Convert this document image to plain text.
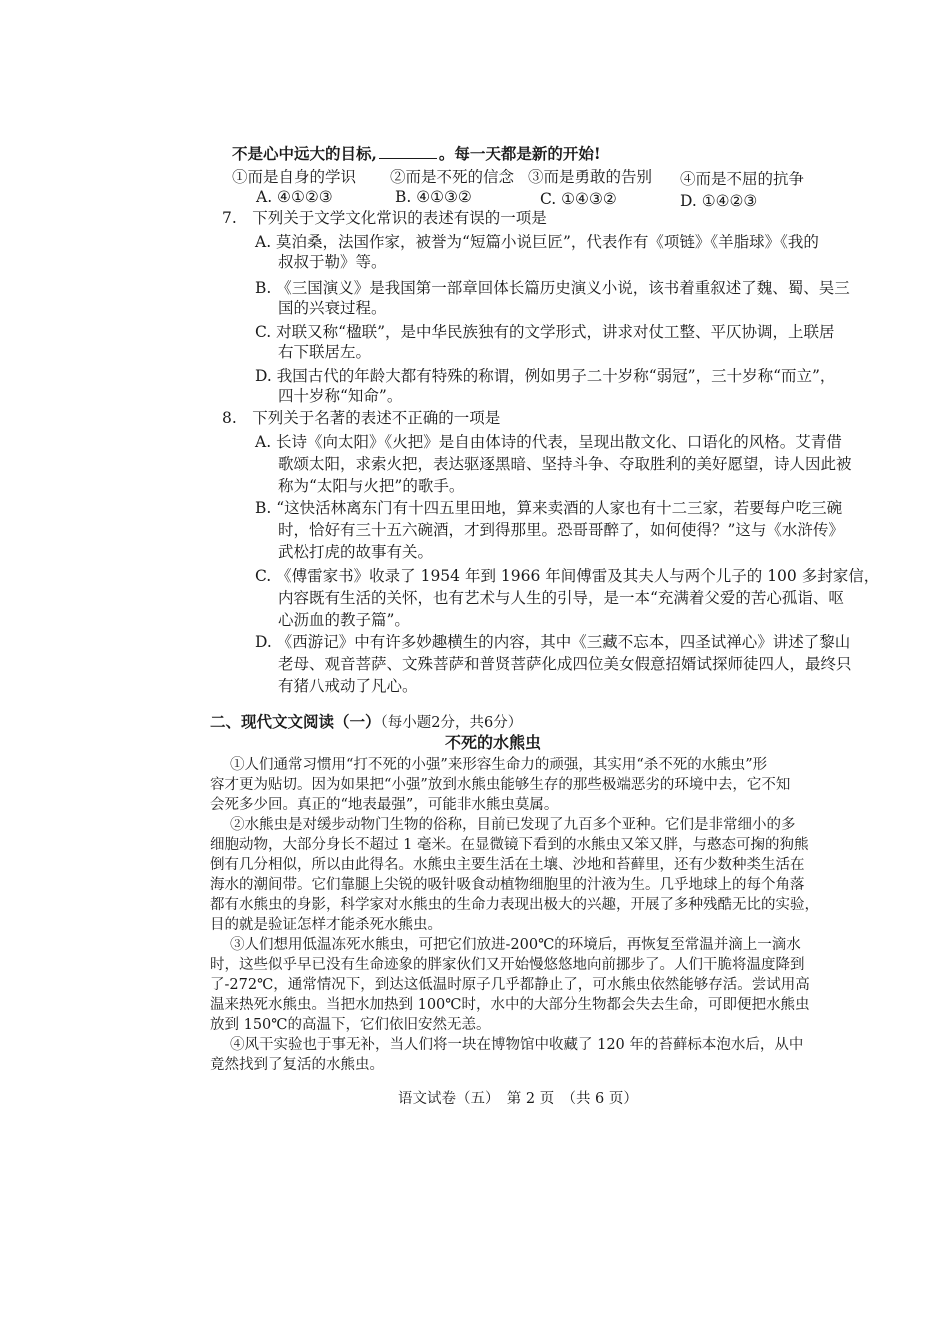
不是心中远大的目标,	。每一天都是新的开始!
①而是自身的学识 ②而是不死的信念 ③而是勇敢的告别 ④而是不屈的抗争
A. ④①②③	B. ④①③②	C. ①④③②	D. ①④②③
7.　下列关于文学文化常识的表述有误的一项是
A. 莫泊桑，法国作家，被誉为“短篇小说巨匠”，代表作有《项链》《羊脂球》《我的
叔叔于勒》等。
B. 《三国演义》是我国第一部章回体长篇历史演义小说，该书着重叙述了魏、蜀、吴三
国的兴衰过程。
C. 对联又称“楹联”，是中华民族独有的文学形式，讲求对仗工整、平仄协调，上联居
右下联居左。
D. 我国古代的年龄大都有特殊的称谓，例如男子二十岁称“弱冠”，三十岁称“而立”，
四十岁称“知命”。
8.　下列关于名著的表述不正确的一项是
A. 长诗《向太阳》《火把》是自由体诗的代表，呈现出散文化、口语化的风格。艾青借
歌颂太阳，求索火把，表达驱逐黑暗、坚持斗争、夺取胜利的美好愿望，诗人因此被
称为“太阳与火把”的歌手。
B. “这快活林离东门有十四五里田地，算来卖酒的人家也有十二三家，若要每户吃三碗
时，恰好有三十五六碗酒，才到得那里。恐哥哥醉了，如何使得？”这与《水浒传》
武松打虎的故事有关。
C. 《傅雷家书》收录了 1954 年到 1966 年间傅雷及其夫人与两个儿子的 100 多封家信，
内容既有生活的关怀，也有艺术与人生的引导，是一本“充满着父爱的苦心孤诣、呕
心沥血的教子篇”。
D. 《西游记》中有许多妙趣横生的内容，其中《三藏不忘本，四圣试禅心》讲述了黎山
老母、观音菩萨、文殊菩萨和普贤菩萨化成四位美女假意招婿试探师徒四人，最终只
有猪八戒动了凡心。
二、现代文文阅读（一）（每小题2分，共6分）
不死的水熊虫
①人们通常习惯用“打不死的小强”来形容生命力的顽强，其实用“杀不死的水熊虫”形
容才更为贴切。因为如果把“小强”放到水熊虫能够生存的那些极端恶劣的环境中去，它不知
会死多少回。真正的“地表最强”，可能非水熊虫莫属。
②水熊虫是对缓步动物门生物的俗称，目前已发现了九百多个亚种。它们是非常细小的多
细胞动物，大部分身长不超过 1 毫米。在显微镜下看到的水熊虫又笨又胖，与憨态可掬的狗熊
倒有几分相似，所以由此得名。水熊虫主要生活在土壤、沙地和苔藓里，还有少数种类生活在
海水的潮间带。它们靠腿上尖锐的吸针吸食动植物细胞里的汁液为生。几乎地球上的每个角落
都有水熊虫的身影，科学家对水熊虫的生命力表现出极大的兴趣，开展了多种残酷无比的实验，
目的就是验证怎样才能杀死水熊虫。
③人们想用低温冻死水熊虫，可把它们放进-200℃的环境后，再恢复至常温并滴上一滴水
时，这些似乎早已没有生命迹象的胖家伙们又开始慢悠悠地向前挪步了。人们干脆将温度降到
了-272℃，通常情况下，到达这低温时原子几乎都静止了，可水熊虫依然能够存活。尝试用高
温来热死水熊虫。当把水加热到 100℃时，水中的大部分生物都会失去生命，可即便把水熊虫
放到 150℃的高温下，它们依旧安然无恙。
④风干实验也于事无补，当人们将一块在博物馆中收藏了 120 年的苔藓标本泡水后，从中
竟然找到了复活的水熊虫。
语文试卷（五）　第 2 页　（共 6 页）
